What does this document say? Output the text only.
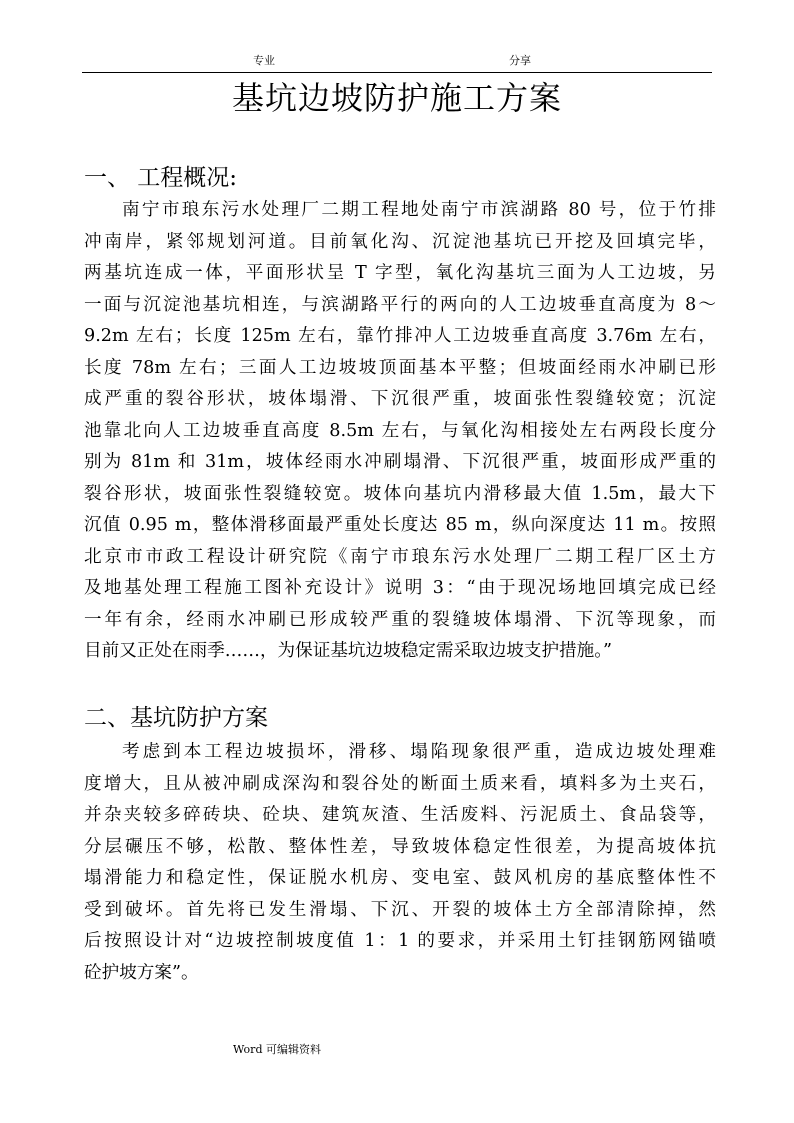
专业	分享
基坑边坡防护施工方案
一、 工程概况:
南宁市琅东污水处理厂二期工程地处南宁市滨湖路 80 号，位于竹排
冲南岸，紧邻规划河道。目前氧化沟、沉淀池基坑已开挖及回填完毕，
两基坑连成一体，平面形状呈 T 字型，氧化沟基坑三面为人工边坡，另
一面与沉淀池基坑相连，与滨湖路平行的两向的人工边坡垂直高度为 8～
9.2m 左右；长度 125m 左右，靠竹排冲人工边坡垂直高度 3.76m 左右，
长度 78m 左右；三面人工边坡坡顶面基本平整；但坡面经雨水冲刷已形
成严重的裂谷形状，坡体塌滑、下沉很严重，坡面张性裂缝较宽；沉淀
池靠北向人工边坡垂直高度 8.5m 左右，与氧化沟相接处左右两段长度分
别为 81m 和 31m，坡体经雨水冲刷塌滑、下沉很严重，坡面形成严重的
裂谷形状，坡面张性裂缝较宽。坡体向基坑内滑移最大值 1.5m，最大下
沉值 0.95 m，整体滑移面最严重处长度达 85 m，纵向深度达 11 m。按照
北京市市政工程设计研究院《南宁市琅东污水处理厂二期工程厂区土方
及地基处理工程施工图补充设计》说明 3：“由于现况场地回填完成已经
一年有余，经雨水冲刷已形成较严重的裂缝坡体塌滑、下沉等现象，而
目前又正处在雨季……，为保证基坑边坡稳定需采取边坡支护措施。”
二、基坑防护方案
考虑到本工程边坡损坏，滑移、塌陷现象很严重，造成边坡处理难
度增大，且从被冲刷成深沟和裂谷处的断面土质来看，填料多为土夹石，
并杂夹较多碎砖块、砼块、建筑灰渣、生活废料、污泥质土、食品袋等，
分层碾压不够，松散、整体性差，导致坡体稳定性很差，为提高坡体抗
塌滑能力和稳定性，保证脱水机房、变电室、鼓风机房的基底整体性不
受到破坏。首先将已发生滑塌、下沉、开裂的坡体土方全部清除掉，然
后按照设计对“边坡控制坡度值 1：1 的要求，并采用土钉挂钢筋网锚喷
砼护坡方案”。
Word 可编辑资料
